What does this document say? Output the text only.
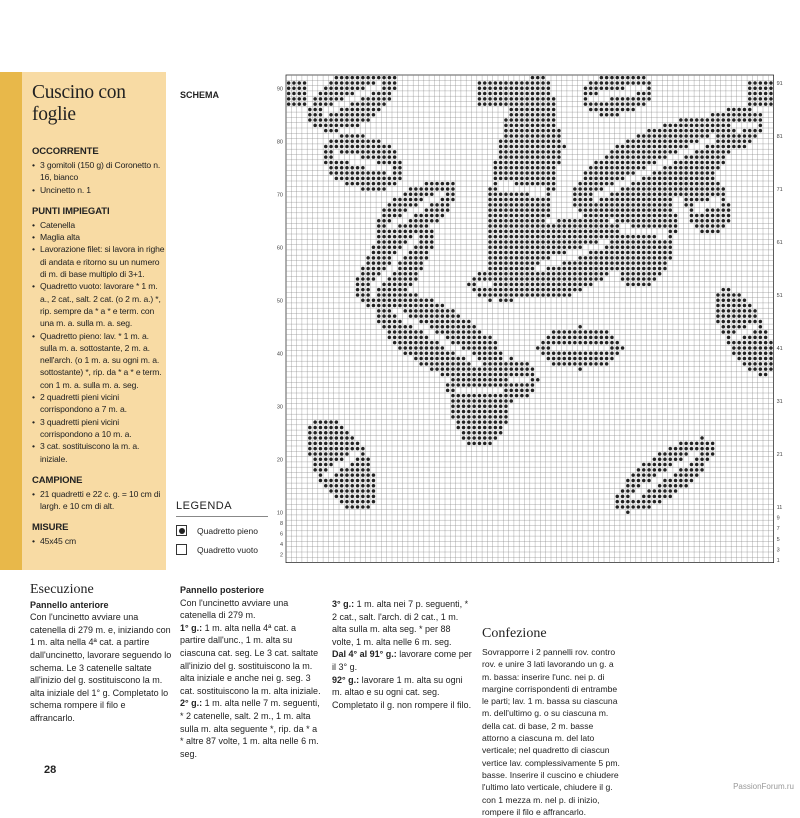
Cuscino con foglie
OCCORRENTE
• 3 gomitoli (150 g) di Coronetto n. 16, bianco
• Uncinetto n. 1
PUNTI IMPIEGATI
• Catenella
• Maglia alta
• Lavorazione filet: si lavora in righe di andata e ritorno su un numero di m. di base multiplo di 3+1.
• Quadretto vuoto: lavorare * 1 m. a., 2 cat., salt. 2 cat. (o 2 m. a.) *, rip. sempre da * a * e term. con una m. a. sulla m. a. seg.
• Quadretto pieno: lav. * 1 m. a. sulla m. a. sottostante, 2 m. a. nell'arch. (o 1 m. a. su ogni m. a. sottostante) *, rip. da * a * e term. con 1 m. a. sulla m. a. seg.
• 2 quadretti pieni vicini corrispondono a 7 m. a.
• 3 quadretti pieni vicini corrispondono a 10 m. a.
• 3 cat. sostituiscono la m. a. iniziale.
CAMPIONE
• 21 quadretti e 22 c. g. = 10 cm di largh. e 10 cm di alt.
MISURE
• 45x45 cm
SCHEMA
LEGENDA
Quadretto pieno
Quadretto vuoto
90
80
70
60
50
40
30
20
10
8
6
4
2
91
81
71
61
51
41
31
21
11
9
7
5
3
1
Esecuzione
Pannello anteriore

Con l'uncinetto avviare una catenella di 279 m. e, iniziando con 1 m. alta nella 4ª cat. a partire dall'uncinetto, lavorare seguendo lo schema. Le 3 catenelle saltate all'inizio del g. sostituiscono la m. alta iniziale del 1° g. Completato lo schema rompere il filo e affrancarlo.

Pannello posteriore

Con l'uncinetto avviare una catenella di 279 m.
1° g.: 1 m. alta nella 4ª cat. a partire dall'unc., 1 m. alta su ciascuna cat. seg. Le 3 cat. saltate all'inizio del g. sostituiscono la m. alta iniziale e anche nei g. seg. 3 cat. sostituiscono la m. alta iniziale.
2° g.: 1 m. alta nelle 7 m. seguenti, * 2 catenelle, salt. 2 m., 1 m. alta sulla m. alta seguente *, rip. da * a * altre 87 volte, 1 m. alta nelle 6 m. seg.

3° g.: 1 m. alta nei 7 p. seguenti, * 2 cat., salt. l'arch. di 2 cat., 1 m. alta sulla m. alta seg. * per 88 volte, 1 m. alta nelle 6 m. seg.
Dal 4° al 91° g.: lavorare come per il 3° g.
92° g.: lavorare 1 m. alta su ogni m. altao e su ogni cat. seg. Completato il g. non rompere il filo.

Confezione

Sovrapporre i 2 pannelli rov. contro rov. e unire 3 lati lavorando un g. a m. bassa: inserire l'unc. nei p. di margine corrispondenti di entrambe le parti; lav. 1 m. bassa su ciascuna m. dell'ultimo g. o su ciascuna m. della cat. di base, 2 m. basse attorno a ciascuna m. del lato verticale; nel quadretto di ciascun vertice lav. complessivamente 5 pm. basse. Inserire il cuscino e chiudere l'ultimo lato verticale, chiudere il g. con 1 mezza m. nel p. di inizio, rompere il filo e affrancarlo.

28
PassionForum.ru
